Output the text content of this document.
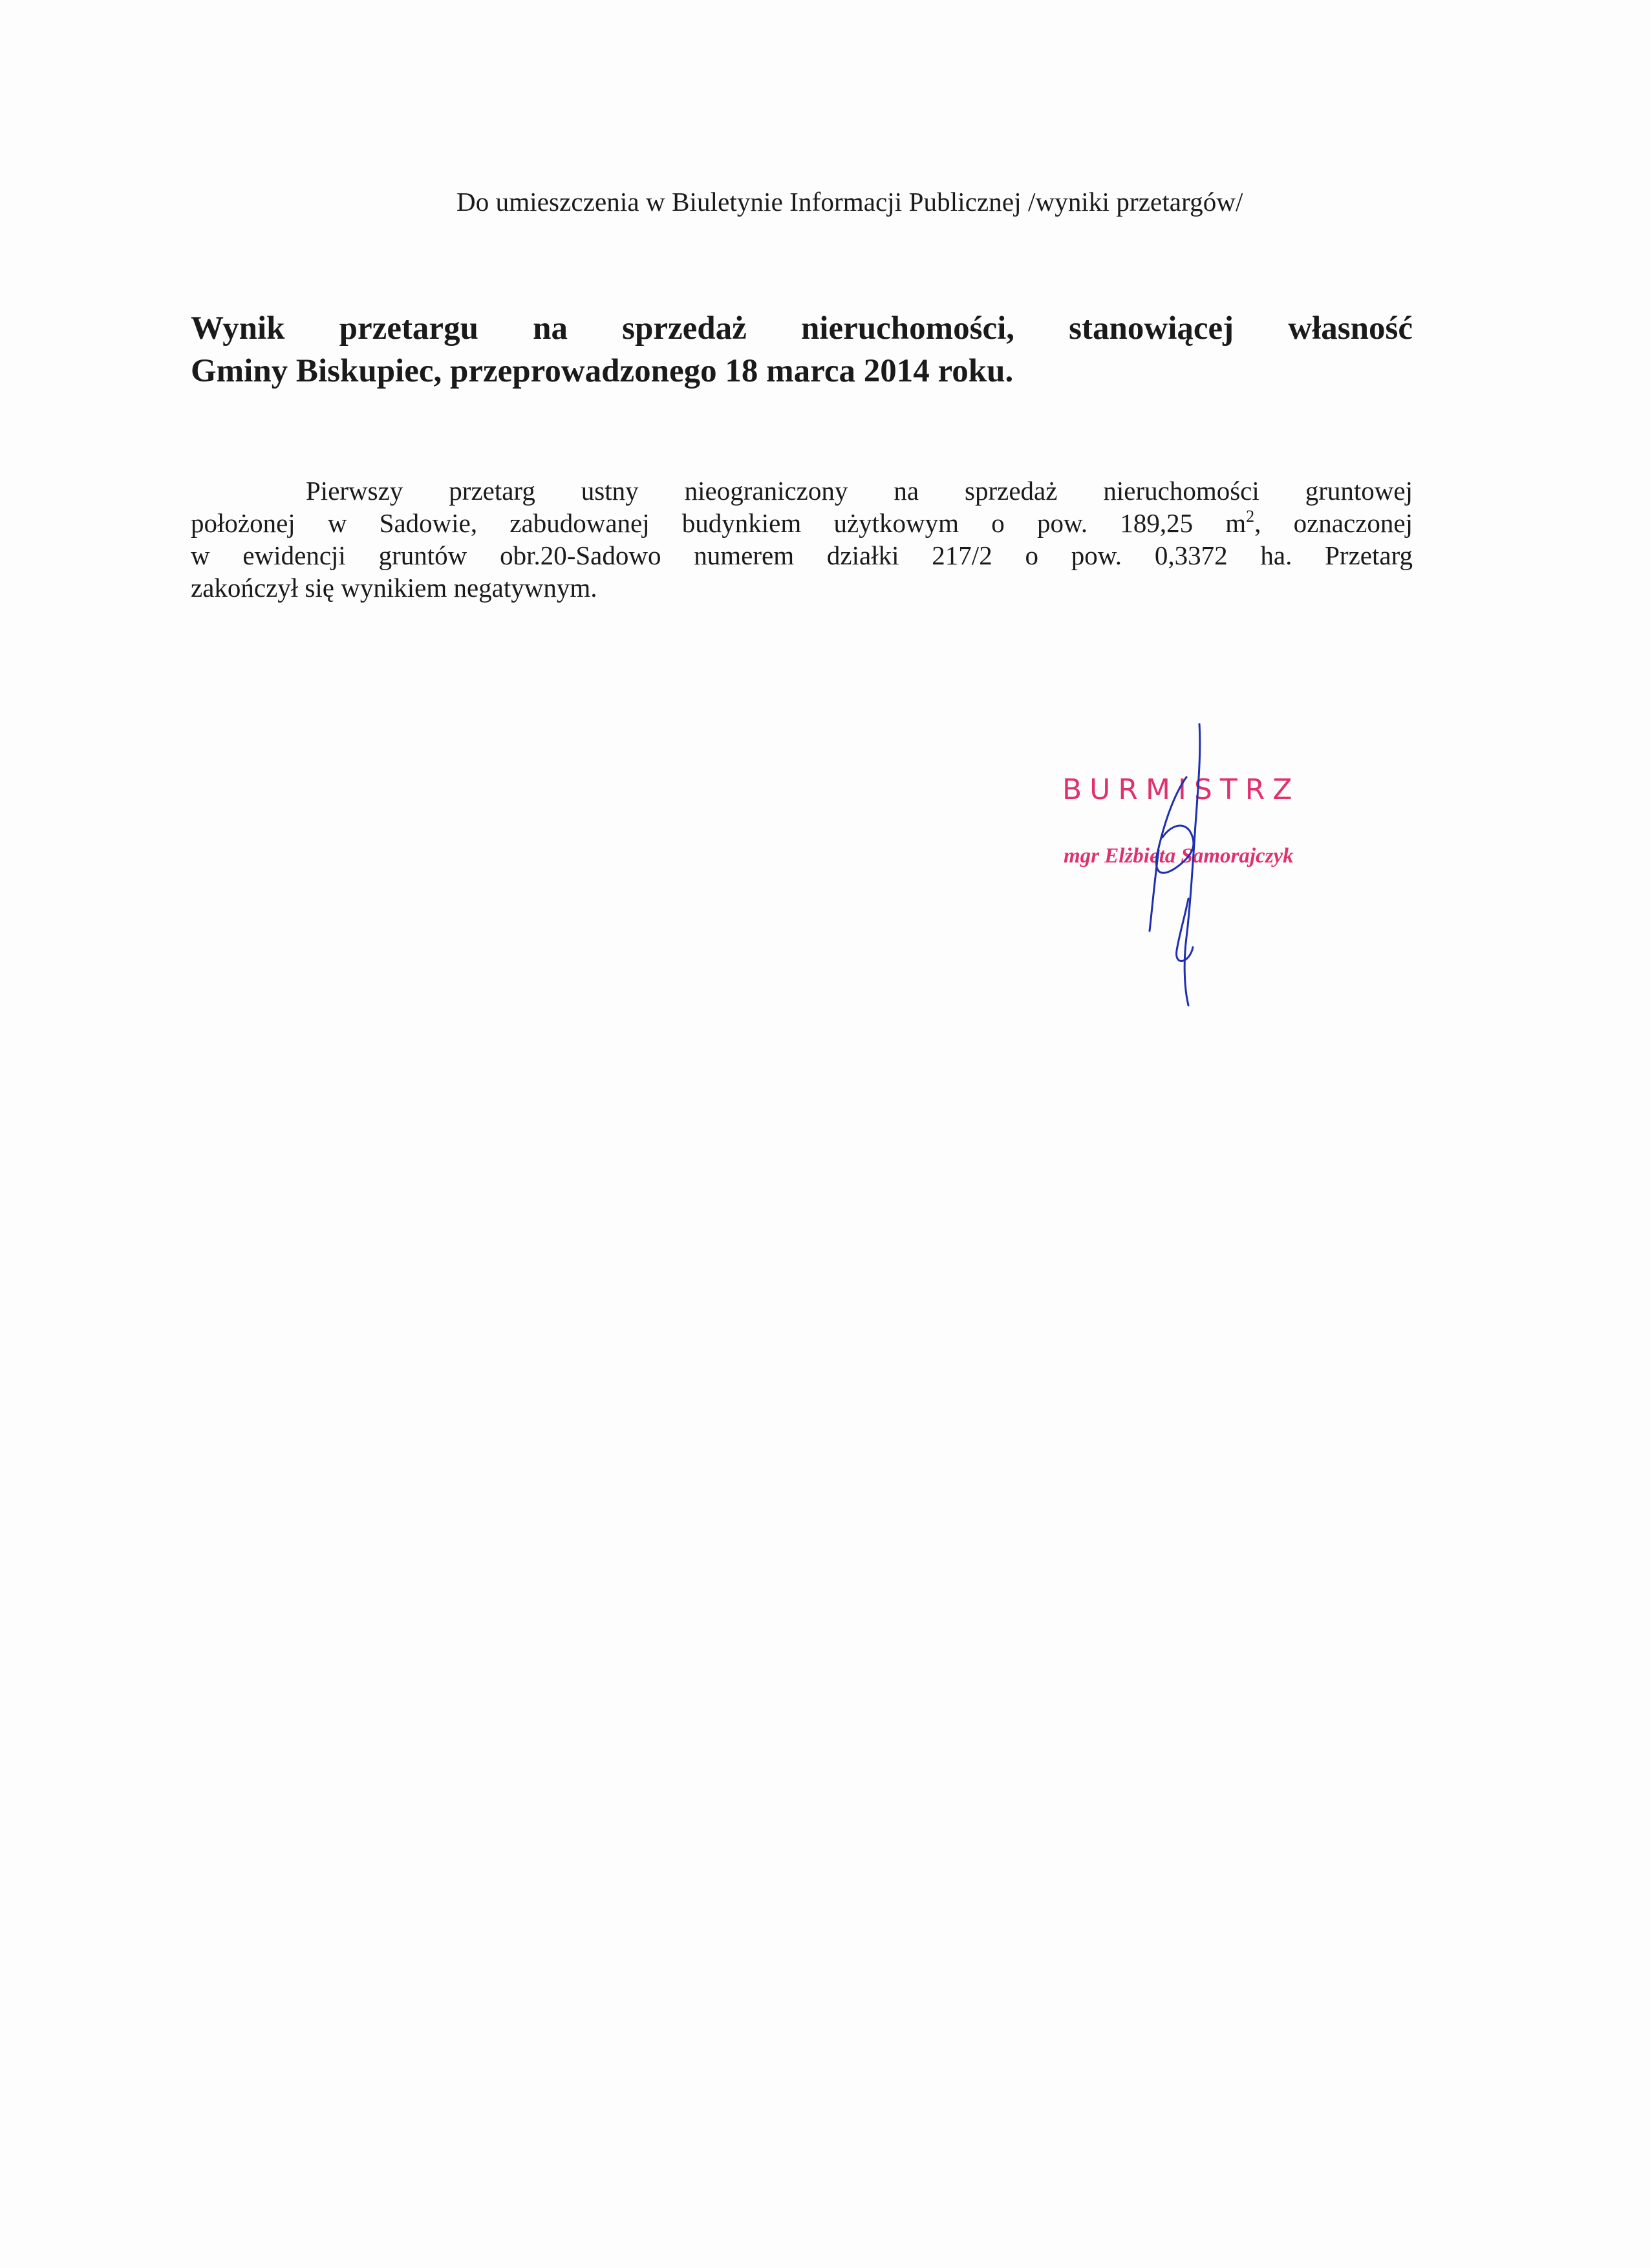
Do umieszczenia w Biuletynie Informacji Publicznej /wyniki przetargów/
Wynik przetargu na sprzedaż nieruchomości, stanowiącej własność
Gminy Biskupiec, przeprowadzonego 18 marca 2014 roku.
Pierwszy przetarg ustny nieograniczony na sprzedaż nieruchomości gruntowej
położonej w Sadowie, zabudowanej budynkiem użytkowym o pow. 189,25 $m^2$, oznaczonej
w ewidencji gruntów obr.20-Sadowo numerem działki 217/2 o pow. 0,3372 ha. Przetarg
zakończył się wynikiem negatywnym.
BURMISTRZ
mgr Elżbieta Samorajczyk
